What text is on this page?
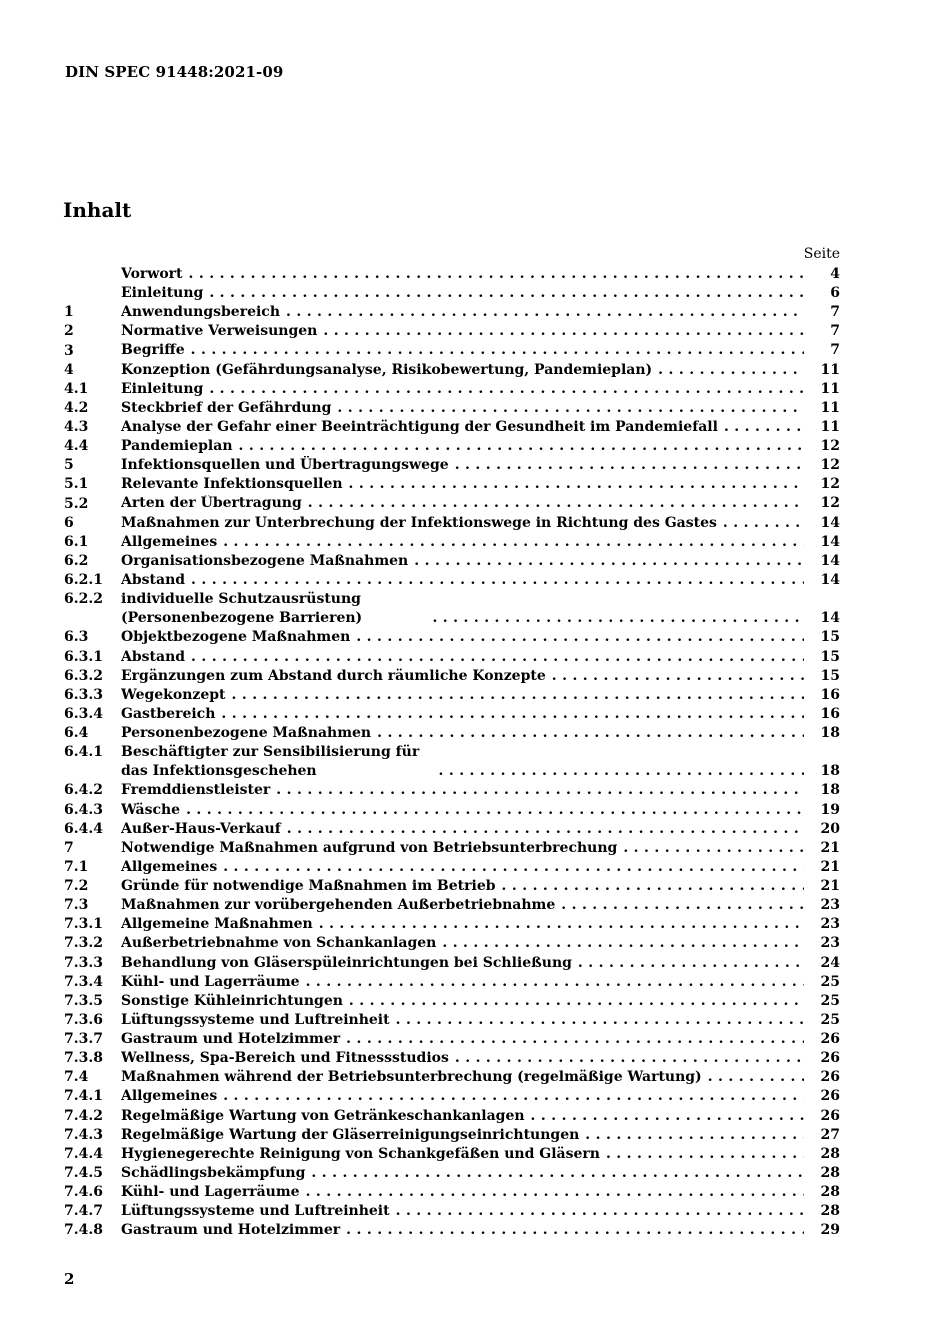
DIN SPEC 91448:2021-09
Inhalt
Seite
Vorwort . . .	4
Einleitung . . .	6
1	Anwendungsbereich . . .	7
2	Normative Verweisungen . . .	7
3	Begriffe . . .	7
4	Konzeption (Gefährdungsanalyse, Risikobewertung, Pandemieplan) . . .	11
4.1	Einleitung . . .	11
4.2	Steckbrief der Gefährdung . . .	11
4.3	Analyse der Gefahr einer Beeinträchtigung der Gesundheit im Pandemiefall . . .	11
4.4	Pandemieplan . . .	12
5	Infektionsquellen und Übertragungswege . . .	12
5.1	Relevante Infektionsquellen . . .	12
5.2	Arten der Übertragung . . .	12
6	Maßnahmen zur Unterbrechung der Infektionswege in Richtung des Gastes . . .	14
6.1	Allgemeines . . .	14
6.2	Organisationsbezogene Maßnahmen . . .	14
6.2.1	Abstand . . .	14
6.2.2	individuelle Schutzausrüstung (Personenbezogene Barrieren) . . .	14
6.3	Objektbezogene Maßnahmen . . .	15
6.3.1	Abstand . . .	15
6.3.2	Ergänzungen zum Abstand durch räumliche Konzepte . . .	15
6.3.3	Wegekonzept . . .	16
6.3.4	Gastbereich . . .	16
6.4	Personenbezogene Maßnahmen . . .	18
6.4.1	Beschäftigter zur Sensibilisierung für das Infektionsgeschehen . . .	18
6.4.2	Fremddienstleister . . .	18
6.4.3	Wäsche . . .	19
6.4.4	Außer-Haus-Verkauf . . .	20
7	Notwendige Maßnahmen aufgrund von Betriebsunterbrechung . . .	21
7.1	Allgemeines . . .	21
7.2	Gründe für notwendige Maßnahmen im Betrieb . . .	21
7.3	Maßnahmen zur vorübergehenden Außerbetriebnahme . . .	23
7.3.1	Allgemeine Maßnahmen . . .	23
7.3.2	Außerbetriebnahme von Schankanlagen . . .	23
7.3.3	Behandlung von Gläserspüleinrichtungen bei Schließung . . .	24
7.3.4	Kühl- und Lagerräume . . .	25
7.3.5	Sonstige Kühleinrichtungen . . .	25
7.3.6	Lüftungssysteme und Luftreinheit . . .	25
7.3.7	Gastraum und Hotelzimmer . . .	26
7.3.8	Wellness, Spa-Bereich und Fitnessstudios . . .	26
7.4	Maßnahmen während der Betriebsunterbrechung (regelmäßige Wartung) . . .	26
7.4.1	Allgemeines . . .	26
7.4.2	Regelmäßige Wartung von Getränkeschankanlagen . . .	26
7.4.3	Regelmäßige Wartung der Gläserreinigungseinrichtungen . . .	27
7.4.4	Hygienegerechte Reinigung von Schankgefäßen und Gläsern . . .	28
7.4.5	Schädlingsbekämpfung . . .	28
7.4.6	Kühl- und Lagerräume . . .	28
7.4.7	Lüftungssysteme und Luftreinheit . . .	28
7.4.8	Gastraum und Hotelzimmer . . .	29
2
